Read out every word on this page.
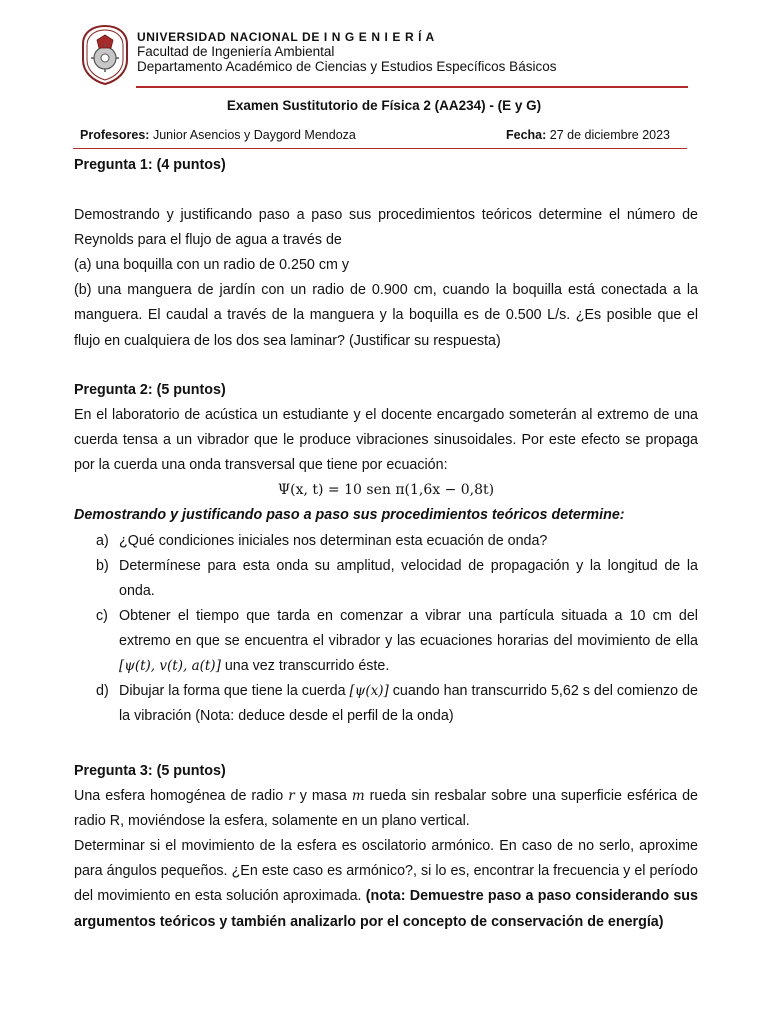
UNIVERSIDAD NACIONAL DE I N G E N I E R Í A
Facultad de Ingeniería Ambiental
Departamento Académico de Ciencias y Estudios Específicos Básicos
Examen Sustitutorio de Física 2 (AA234) - (E y G)
Profesores: Junior Asencios y Daygord Mendoza	Fecha: 27 de diciembre 2023
Pregunta 1: (4 puntos)
Demostrando y justificando paso a paso sus procedimientos teóricos determine el número de Reynolds para el flujo de agua a través de
(a) una boquilla con un radio de 0.250 cm y
(b) una manguera de jardín con un radio de 0.900 cm, cuando la boquilla está conectada a la manguera. El caudal a través de la manguera y la boquilla es de 0.500 L/s. ¿Es posible que el flujo en cualquiera de los dos sea laminar? (Justificar su respuesta)
Pregunta 2: (5 puntos)
En el laboratorio de acústica un estudiante y el docente encargado someterán al extremo de una cuerda tensa a un vibrador que le produce vibraciones sinusoidales. Por este efecto se propaga por la cuerda una onda transversal que tiene por ecuación:
Ψ(x, t) = 10 sen π(1,6x − 0,8t)
Demostrando y justificando paso a paso sus procedimientos teóricos determine:
a) ¿Qué condiciones iniciales nos determinan esta ecuación de onda?
b) Determínese para esta onda su amplitud, velocidad de propagación y la longitud de la onda.
c) Obtener el tiempo que tarda en comenzar a vibrar una partícula situada a 10 cm del extremo en que se encuentra el vibrador y las ecuaciones horarias del movimiento de ella [ψ(t), v(t), a(t)] una vez transcurrido éste.
d) Dibujar la forma que tiene la cuerda [ψ(x)] cuando han transcurrido 5,62 s del comienzo de la vibración (Nota: deduce desde el perfil de la onda)
Pregunta 3: (5 puntos)
Una esfera homogénea de radio r y masa m rueda sin resbalar sobre una superficie esférica de radio R, moviéndose la esfera, solamente en un plano vertical.
Determinar si el movimiento de la esfera es oscilatorio armónico. En caso de no serlo, aproxime para ángulos pequeños. ¿En este caso es armónico?, si lo es, encontrar la frecuencia y el período del movimiento en esta solución aproximada. (nota: Demuestre paso a paso considerando sus argumentos teóricos y también analizarlo por el concepto de conservación de energía)
